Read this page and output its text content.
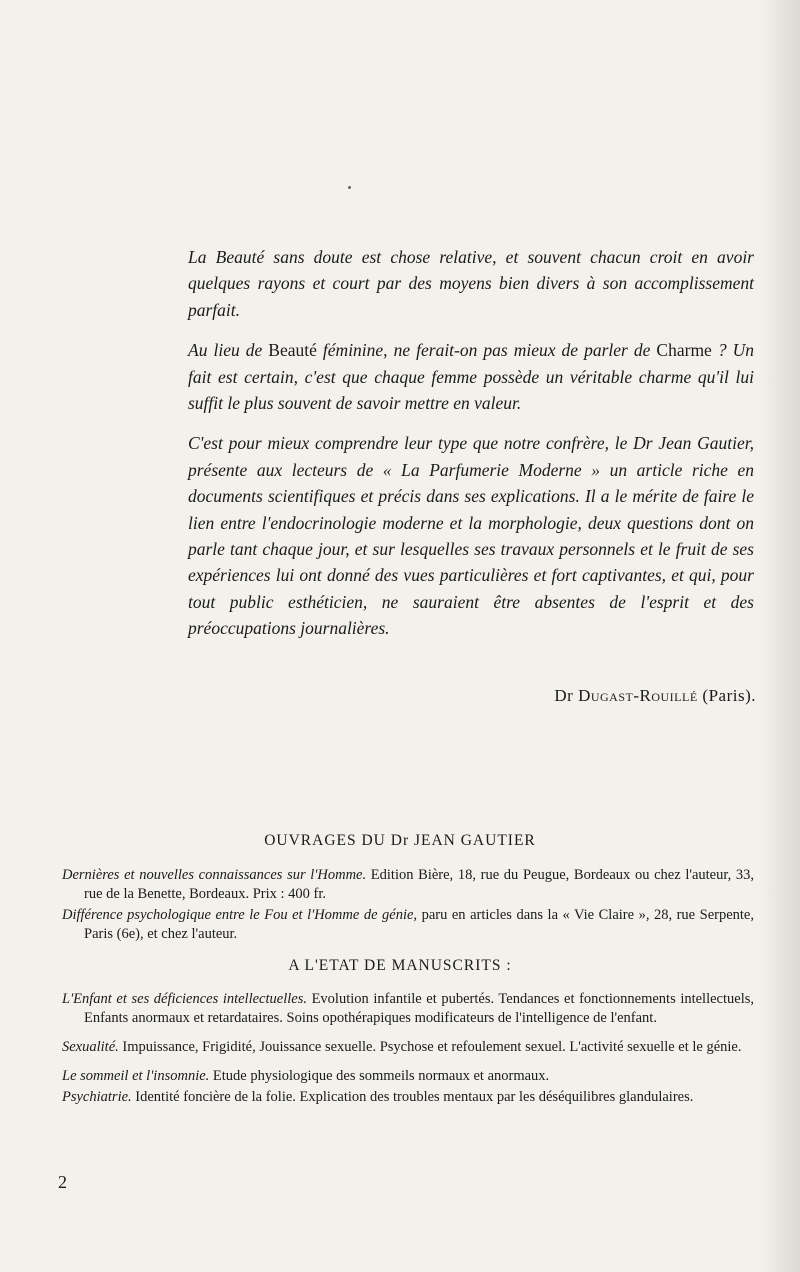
La Beauté sans doute est chose relative, et souvent chacun croit en avoir quelques rayons et court par des moyens bien divers à son accomplissement parfait.

Au lieu de Beauté féminine, ne ferait-on pas mieux de parler de Charme ? Un fait est certain, c'est que chaque femme possède un véritable charme qu'il lui suffit le plus souvent de savoir mettre en valeur.

C'est pour mieux comprendre leur type que notre confrère, le Dr Jean Gautier, présente aux lecteurs de « La Parfumerie Moderne » un article riche en documents scientifiques et précis dans ses explications. Il a le mérite de faire le lien entre l'endocrinologie moderne et la morphologie, deux questions dont on parle tant chaque jour, et sur lesquelles ses travaux personnels et le fruit de ses expériences lui ont donné des vues particulières et fort captivantes, et qui, pour tout public esthéticien, ne sauraient être absentes de l'esprit et des préoccupations journalières.

Dr Dugast-Rouillé (Paris).
OUVRAGES DU Dr JEAN GAUTIER

Dernières et nouvelles connaissances sur l'Homme. Edition Bière, 18, rue du Peugue, Bordeaux ou chez l'auteur, 33, rue de la Benette, Bordeaux. Prix : 400 fr.

Différence psychologique entre le Fou et l'Homme de génie, paru en articles dans la « Vie Claire », 28, rue Serpente, Paris (6e), et chez l'auteur.

A L'ETAT DE MANUSCRITS :

L'Enfant et ses déficiences intellectuelles. Evolution infantile et pubertés. Tendances et fonctionnements intellectuels, Enfants anormaux et retardataires. Soins opothérapiques modificateurs de l'intelligence de l'enfant.

Sexualité. Impuissance, Frigidité, Jouissance sexuelle. Psychose et refoulement sexuel. L'activité sexuelle et le génie.

Le sommeil et l'insomnie. Etude physiologique des sommeils normaux et anormaux.

Psychiatrie. Identité foncière de la folie. Explication des troubles mentaux par les déséquilibres glandulaires.

2
